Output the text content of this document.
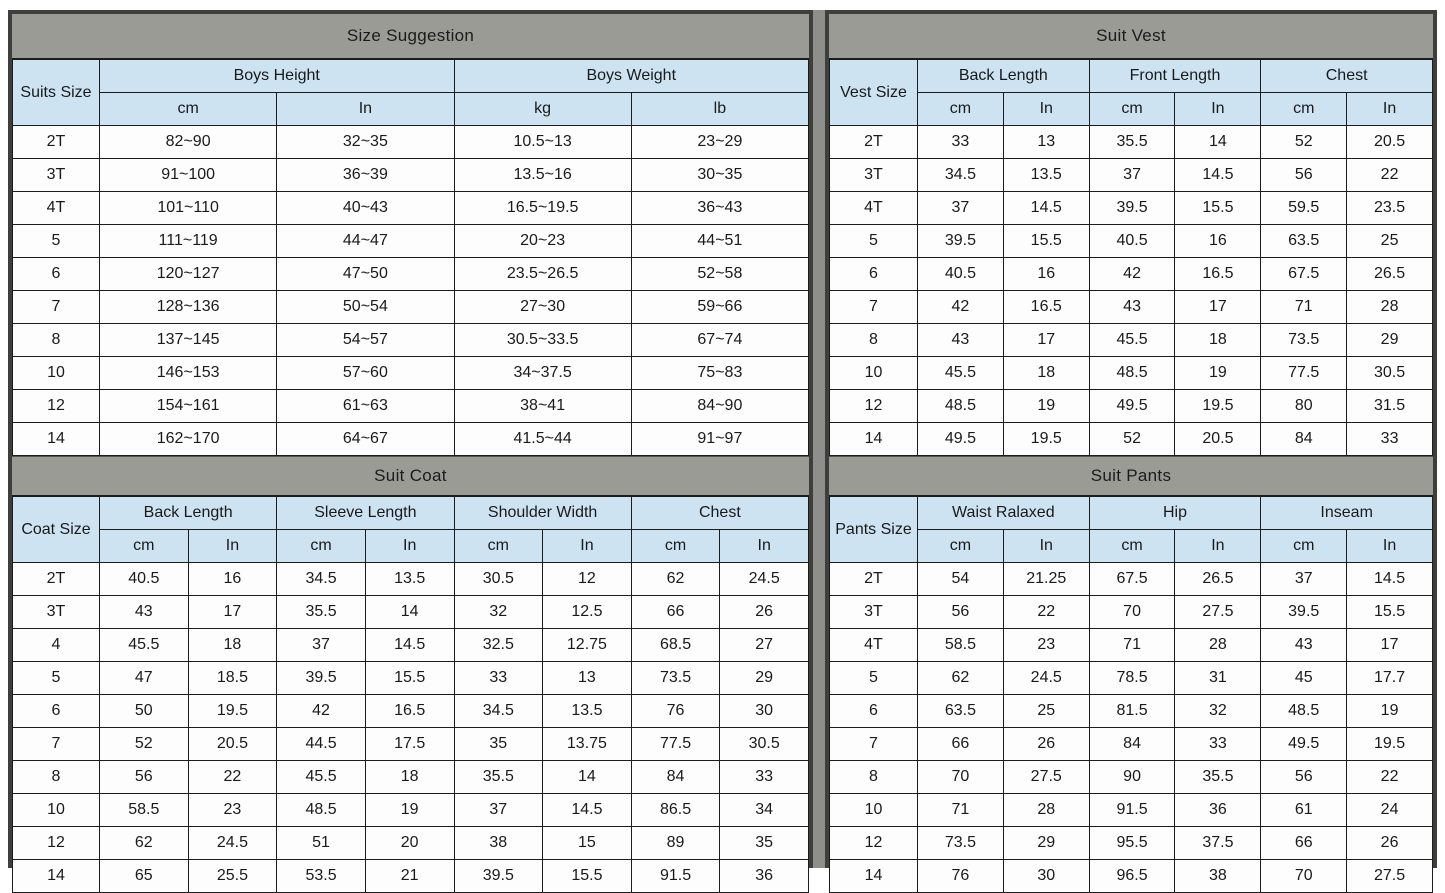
Size Suggestion
Suits Size	Boys Height		Boys Weight	
	cm	In	kg	lb
2T	82~90	32~35	10.5~13	23~29
3T	91~100	36~39	13.5~16	30~35
4T	101~110	40~43	16.5~19.5	36~43
5	111~119	44~47	20~23	44~51
6	120~127	47~50	23.5~26.5	52~58
7	128~136	50~54	27~30	59~66
8	137~145	54~57	30.5~33.5	67~74
10	146~153	57~60	34~37.5	75~83
12	154~161	61~63	38~41	84~90
14	162~170	64~67	41.5~44	91~97
Suit Coat
Coat Size	Back Length		Sleeve Length		Shoulder Width		Chest	
	cm	In	cm	In	cm	In	cm	In
2T	40.5	16	34.5	13.5	30.5	12	62	24.5
3T	43	17	35.5	14	32	12.5	66	26
4	45.5	18	37	14.5	32.5	12.75	68.5	27
5	47	18.5	39.5	15.5	33	13	73.5	29
6	50	19.5	42	16.5	34.5	13.5	76	30
7	52	20.5	44.5	17.5	35	13.75	77.5	30.5
8	56	22	45.5	18	35.5	14	84	33
10	58.5	23	48.5	19	37	14.5	86.5	34
12	62	24.5	51	20	38	15	89	35
14	65	25.5	53.5	21	39.5	15.5	91.5	36
Suit Vest
Vest Size	Back Length		Front Length		Chest	
	cm	In	cm	In	cm	In
2T	33	13	35.5	14	52	20.5
3T	34.5	13.5	37	14.5	56	22
4T	37	14.5	39.5	15.5	59.5	23.5
5	39.5	15.5	40.5	16	63.5	25
6	40.5	16	42	16.5	67.5	26.5
7	42	16.5	43	17	71	28
8	43	17	45.5	18	73.5	29
10	45.5	18	48.5	19	77.5	30.5
12	48.5	19	49.5	19.5	80	31.5
14	49.5	19.5	52	20.5	84	33
Suit Pants
Pants Size	Waist Ralaxed		Hip		Inseam	
	cm	In	cm	In	cm	In
2T	54	21.25	67.5	26.5	37	14.5
3T	56	22	70	27.5	39.5	15.5
4T	58.5	23	71	28	43	17
5	62	24.5	78.5	31	45	17.7
6	63.5	25	81.5	32	48.5	19
7	66	26	84	33	49.5	19.5
8	70	27.5	90	35.5	56	22
10	71	28	91.5	36	61	24
12	73.5	29	95.5	37.5	66	26
14	76	30	96.5	38	70	27.5
